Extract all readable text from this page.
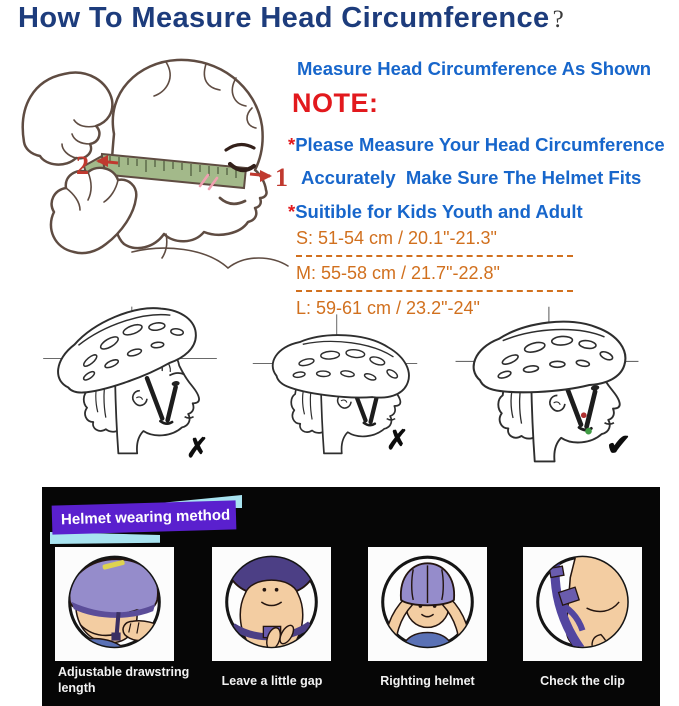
How To Measure Head Circumference ?
2	1
Measure Head Circumference As Shown
NOTE:
*Please Measure Your Head Circumference
Accurately  Make Sure The Helmet Fits
*Suitible for Kids Youth and Adult
S: 51-54 cm / 20.1"-21.3"
M: 55-58 cm / 21.7"-22.8"
L: 59-61 cm / 23.2"-24"
✗	✗	✔
Helmet wearing method
Adjustable drawstring length
Leave a little gap	Righting helmet	Check the clip
